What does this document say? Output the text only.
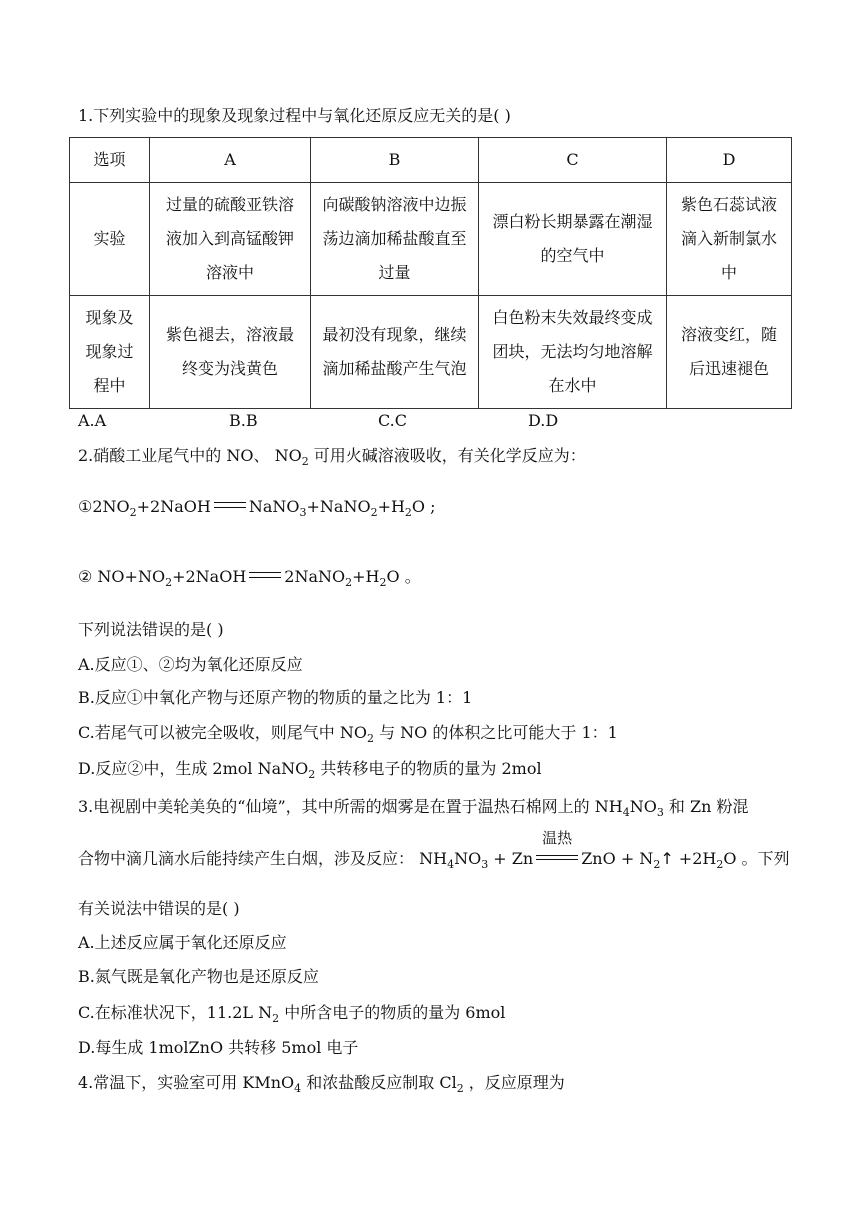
1.下列实验中的现象及现象过程中与氧化还原反应无关的是( )
选项	A	B	C	D
实验	过量的硫酸亚铁溶液加入到高锰酸钾溶液中	向碳酸钠溶液中边振荡边滴加稀盐酸直至过量	漂白粉长期暴露在潮湿的空气中	紫色石蕊试液滴入新制氯水中
现象及现象过程中	紫色褪去，溶液最终变为浅黄色	最初没有现象，继续滴加稀盐酸产生气泡	白色粉末失效最终变成团块，无法均匀地溶解在水中	溶液变红，随后迅速褪色
A.A	B.B	C.C	D.D
2.硝酸工业尾气中的 NO、 $NO_2$ 可用火碱溶液吸收，有关化学反应为：
$①2NO_2+2NaOH$ $NaNO_3+NaNO_2+H_2O$ ;
② $NO+NO_2+2NaOH$ $2NaNO_2+H_2O$ 。
下列说法错误的是( )
A.反应①、②均为氧化还原反应
B.反应①中氧化产物与还原产物的物质的量之比为 1：1
C.若尾气可以被完全吸收，则尾气中 $NO_2$ 与 NO 的体积之比可能大于 1：1
D.反应②中，生成 2mol NaNO$_2$ 共转移电子的物质的量为 2mol
3.电视剧中美轮美奂的“仙境”，其中所需的烟雾是在置于温热石棉网上的 $NH_4NO_3$ 和 Zn 粉混
合物中滴几滴水后能持续产生白烟，涉及反应： $NH_4NO_3 + Zn$
温热
ZnO + $N_2↑ +2H_2O$ 。下列
有关说法中错误的是( )
A.上述反应属于氧化还原反应
B.氮气既是氧化产物也是还原反应
C.在标准状况下，11.2L $N_2$ 中所含电子的物质的量为 6mol
D.每生成 1molZnO 共转移 5mol 电子
4.常温下，实验室可用 KMnO$_4$ 和浓盐酸反应制取 $Cl_2$ ，反应原理为
